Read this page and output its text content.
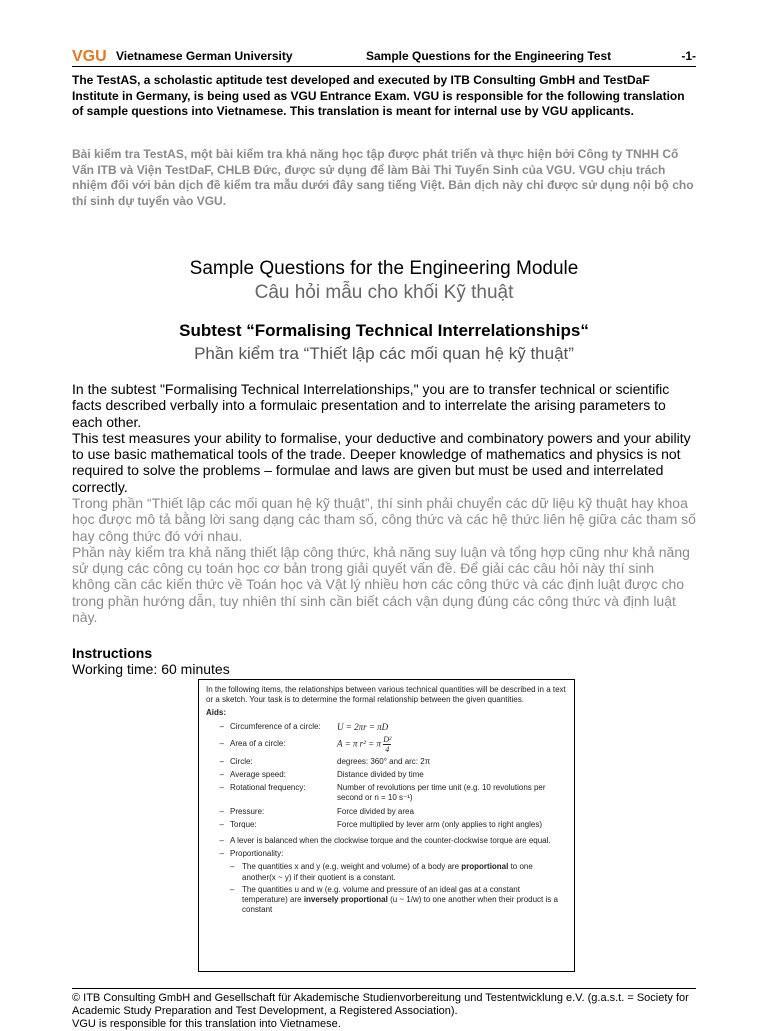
VGU Vietnamese German University	Sample Questions for the Engineering Test	-1-
The TestAS, a scholastic aptitude test developed and executed by ITB Consulting GmbH and TestDaF Institute in Germany, is being used as VGU Entrance Exam. VGU is responsible for the following translation of sample questions into Vietnamese. This translation is meant for internal use by VGU applicants.
Bài kiểm tra TestAS, một bài kiểm tra khả năng học tập được phát triển và thực hiện bởi Công ty TNHH Cố Vấn ITB và Viện TestDaF, CHLB Đức, được sử dụng để làm Bài Thi Tuyển Sinh của VGU. VGU chịu trách nhiệm đối với bản dịch đề kiểm tra mẫu dưới đây sang tiếng Việt. Bản dịch này chỉ được sử dụng nội bộ cho thí sinh dự tuyển vào VGU.
Sample Questions for the Engineering Module
Câu hỏi mẫu cho khối Kỹ thuật
Subtest “Formalising Technical Interrelationships“
Phần kiểm tra “Thiết lập các mối quan hệ kỹ thuật”

In the subtest "Formalising Technical Interrelationships," you are to transfer technical or scientific facts described verbally into a formulaic presentation and to interrelate the arising parameters to each other.

This test measures your ability to formalise, your deductive and combinatory powers and your ability to use basic mathematical tools of the trade. Deeper knowledge of mathematics and physics is not required to solve the problems – formulae and laws are given but must be used and interrelated correctly.

Trong phần “Thiết lập các mối quan hệ kỹ thuật”, thí sinh phải chuyển các dữ liệu kỹ thuật hay khoa học được mô tả bằng lời sang dạng các tham số, công thức và các hệ thức liên hệ giữa các tham số hay công thức đó với nhau.

Phần này kiểm tra khả năng thiết lập công thức, khả năng suy luận và tổng hợp cũng như khả năng sử dụng các công cụ toán học cơ bản trong giải quyết vấn đề. Để giải các câu hỏi này thí sinh không cần các kiến thức về Toán học và Vật lý nhiều hơn các công thức và các định luật được cho trong phần hướng dẫn, tuy nhiên thí sinh cần biết cách vận dụng đúng các công thức và định luật này.

Instructions
Working time: 60 minutes

In the following items, the relationships between various technical quantities will be described in a text or a sketch. Your task is to determine the formal relationship between the given quantities.

Aids:
– Circumference of a circle:	U = 2πr = πD
– Area of a circle:	A = π r² = π $\frac{\text{D²}}{4}$
– Circle:	degrees: 360° and arc: 2π
– Average speed:	Distance divided by time
– Rotational frequency:	Number of revolutions per time unit (e.g. 10 revolutions per second or n = 10 s⁻¹)
– Pressure:	Force divided by area
– Torque:	Force multiplied by lever arm (only applies to right angles)
– A lever is balanced when the clockwise torque and the counter-clockwise torque are equal.
– Proportionality:
– The quantities x and y (e.g. weight and volume) of a body are proportional to one another(x ~ y) if their quotient is a constant.
– The quantities u and w (e.g. volume and pressure of an ideal gas at a constant temperature) are inversely proportional (u ~ 1/w) to one another when their product is a constant
© ITB Consulting GmbH and Gesellschaft für Akademische Studienvorbereitung und Testentwicklung e.V. (g.a.s.t. = Society for Academic Study Preparation and Test Development, a Registered Association).
VGU is responsible for this translation into Vietnamese.
